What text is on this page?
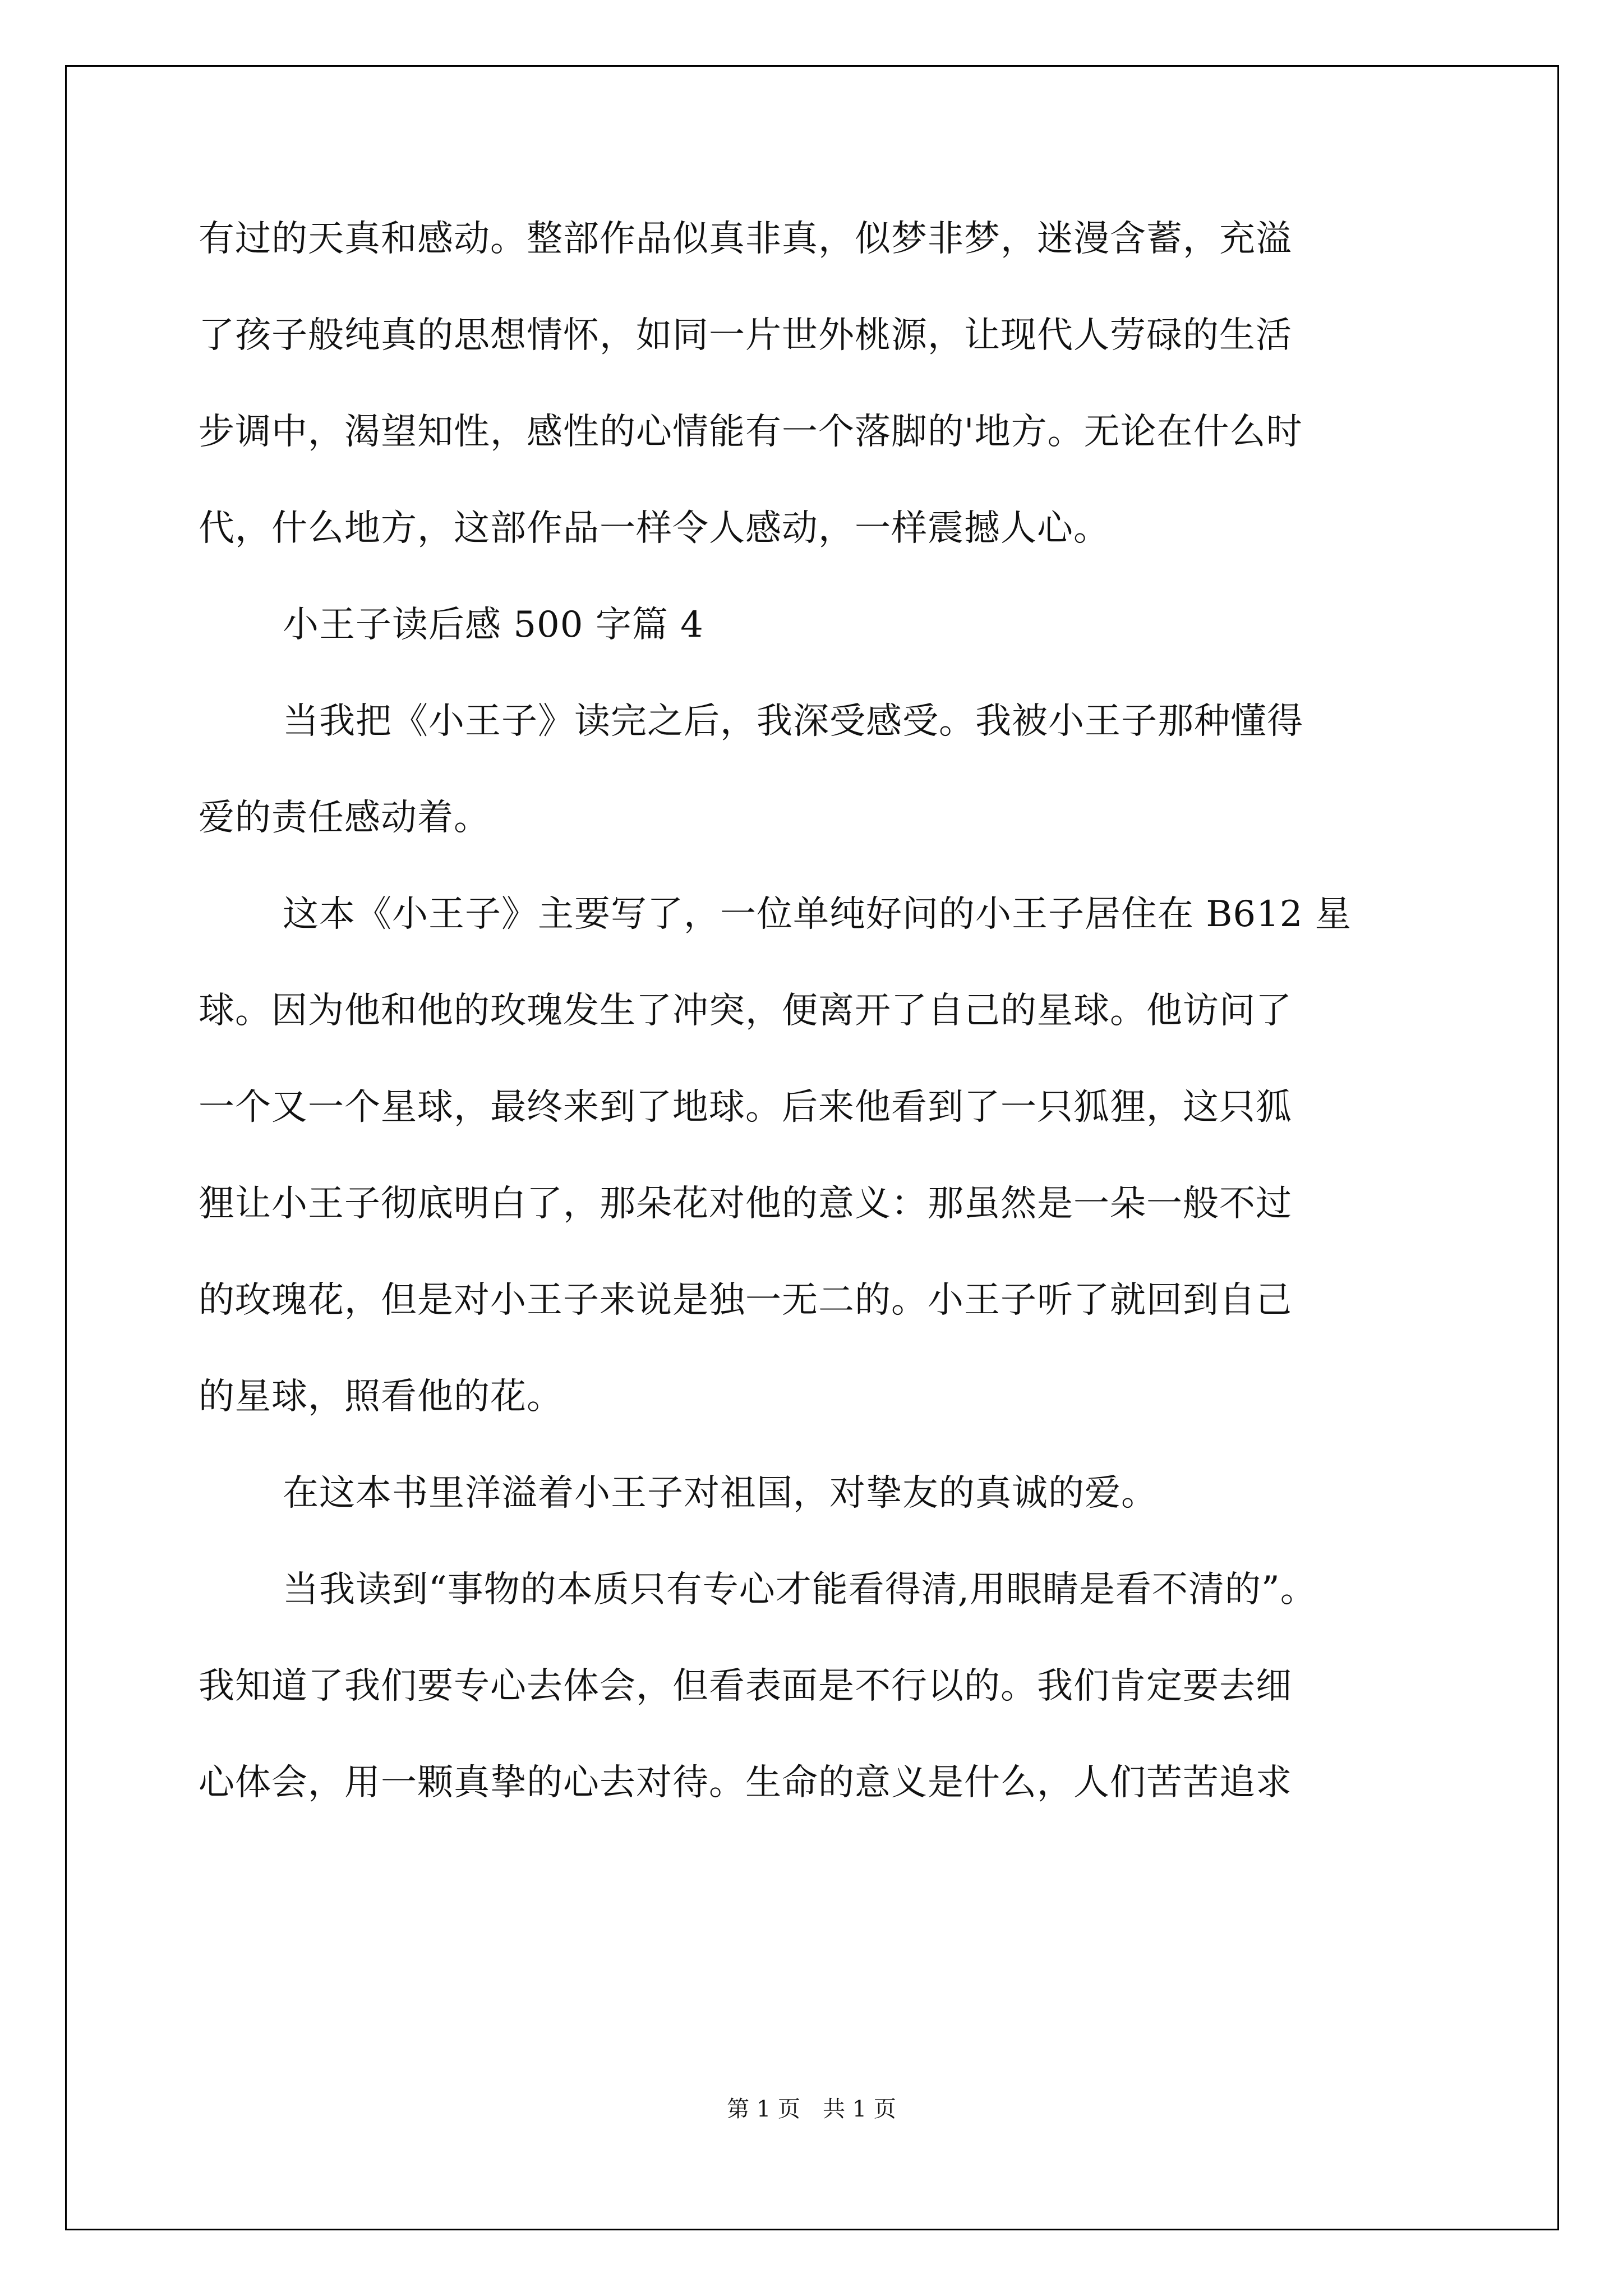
有过的天真和感动。整部作品似真非真，似梦非梦，迷漫含蓄，充溢
了孩子般纯真的思想情怀，如同一片世外桃源，让现代人劳碌的生活
步调中，渴望知性，感性的心情能有一个落脚的'地方。无论在什么时
代，什么地方，这部作品一样令人感动，一样震撼人心。
小王子读后感 500 字篇 4
当我把《小王子》读完之后，我深受感受。我被小王子那种懂得
爱的责任感动着。
这本《小王子》主要写了，一位单纯好问的小王子居住在 B612 星
球。因为他和他的玫瑰发生了冲突，便离开了自己的星球。他访问了
一个又一个星球，最终来到了地球。后来他看到了一只狐狸，这只狐
狸让小王子彻底明白了，那朵花对他的意义：那虽然是一朵一般不过
的玫瑰花，但是对小王子来说是独一无二的。小王子听了就回到自己
的星球，照看他的花。
在这本书里洋溢着小王子对祖国，对挚友的真诚的爱。
当我读到“事物的本质只有专心才能看得清,用眼睛是看不清的”。
我知道了我们要专心去体会，但看表面是不行以的。我们肯定要去细
心体会，用一颗真挚的心去对待。生命的意义是什么，人们苦苦追求
第 1 页 共 1 页
